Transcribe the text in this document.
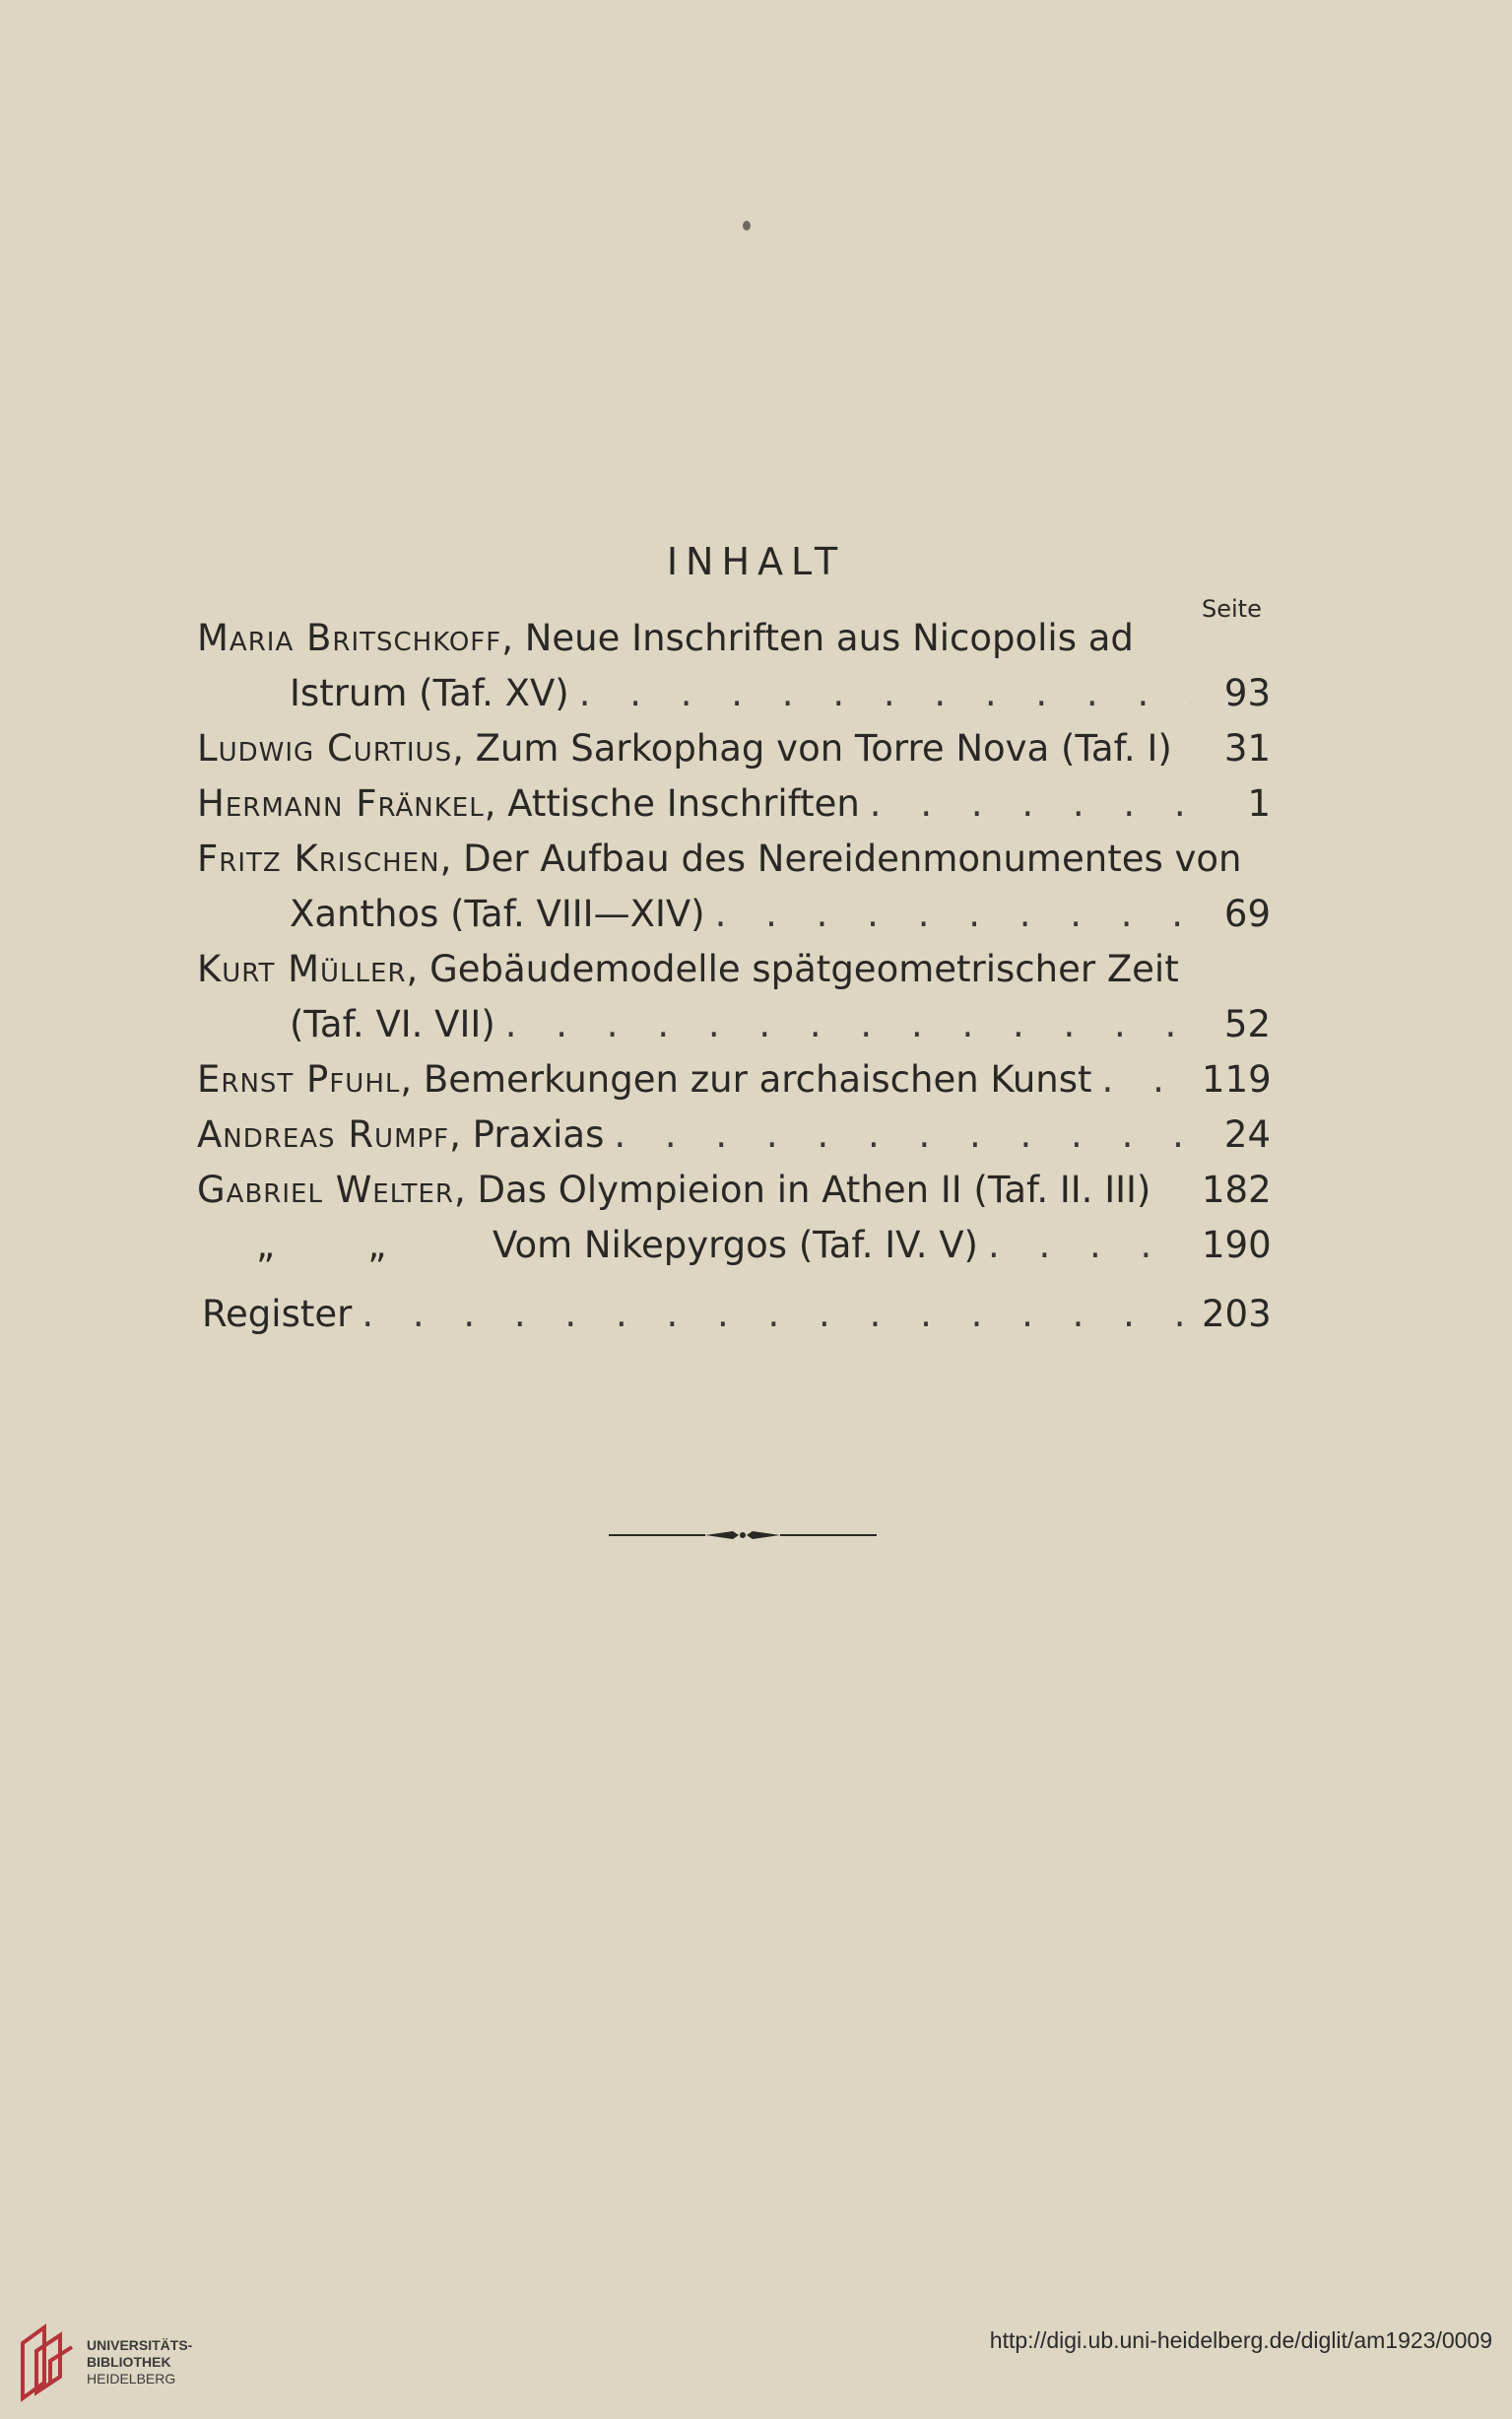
INHALT
Seite
Maria Britschkoff , Neue Inschriften aus Nicopolis ad
Istrum (Taf. XV) . . .	93
Ludwig Curtius , Zum Sarkophag von Torre Nova (Taf. I)	31
Hermann Fränkel , Attische Inschriften . . .	1
Fritz Krischen , Der Aufbau des Nereidenmonumentes von
Xanthos (Taf. VIII—XIV) . . .	69
Kurt Müller , Gebäudemodelle spätgeometrischer Zeit
(Taf. VI. VII) . . .	52
Ernst Pfuhl , Bemerkungen zur archaischen Kunst . . .	119
Andreas Rumpf , Praxias . . .	24
Gabriel Welter , Das Olympieion in Athen II (Taf. II. III) 182
„        „	Vom Nikepyrgos (Taf. IV. V) . . .	190
Register . . .	203
UNIVERSITÄTS-
BIBLIOTHEK
HEIDELBERG
http://digi.ub.uni-heidelberg.de/diglit/am1923/0009
